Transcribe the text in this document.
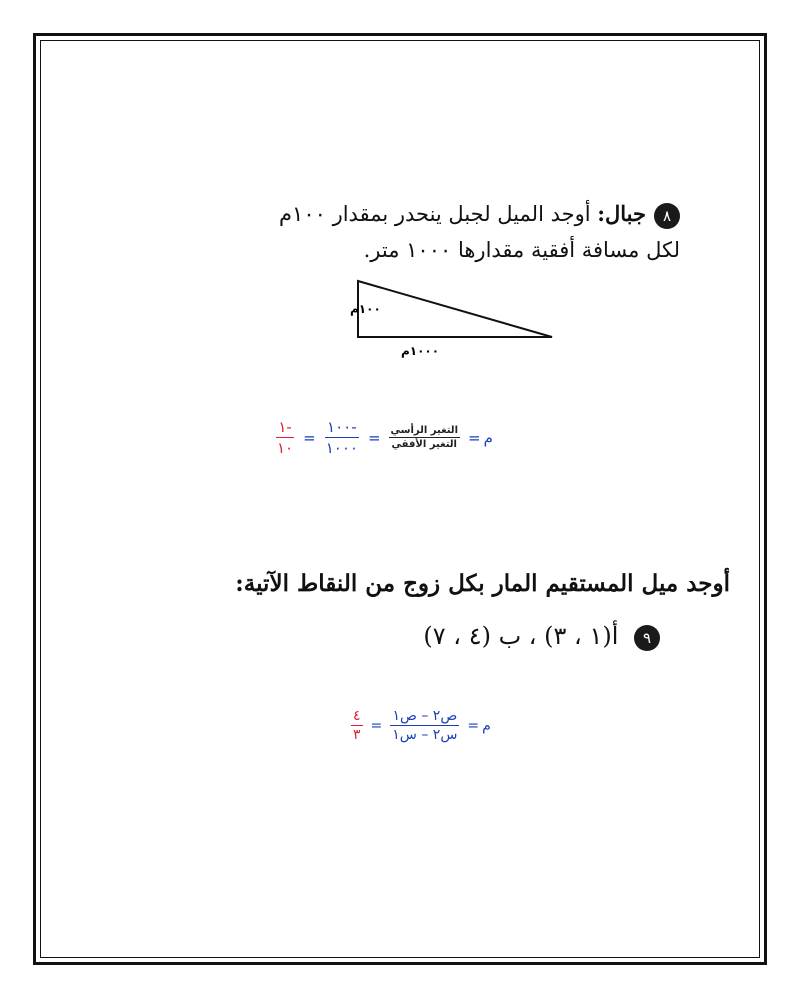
٨جبال: أوجد الميل لجبل ينحدر بمقدار ١٠٠م
لكل مسافة أفقية مقدارها ١٠٠٠ متر.
١٠٠م
١٠٠٠م
م
=
$\frac{\text{التغير الرأسي}}{\text{التغير الأفقي}}$
=
$\frac{-١٠٠}{١٠٠٠}$
=
$\frac{-١}{١٠}$
أوجد ميل المستقيم المار بكل زوج من النقاط الآتية:
٩ أ(١ ، ٣) ، ب (٤ ، ٧)
م
=
$\frac{\text{ص٢ – ص١}}{\text{س٢ – س١}}$
=
$\frac{٤}{٣}$
